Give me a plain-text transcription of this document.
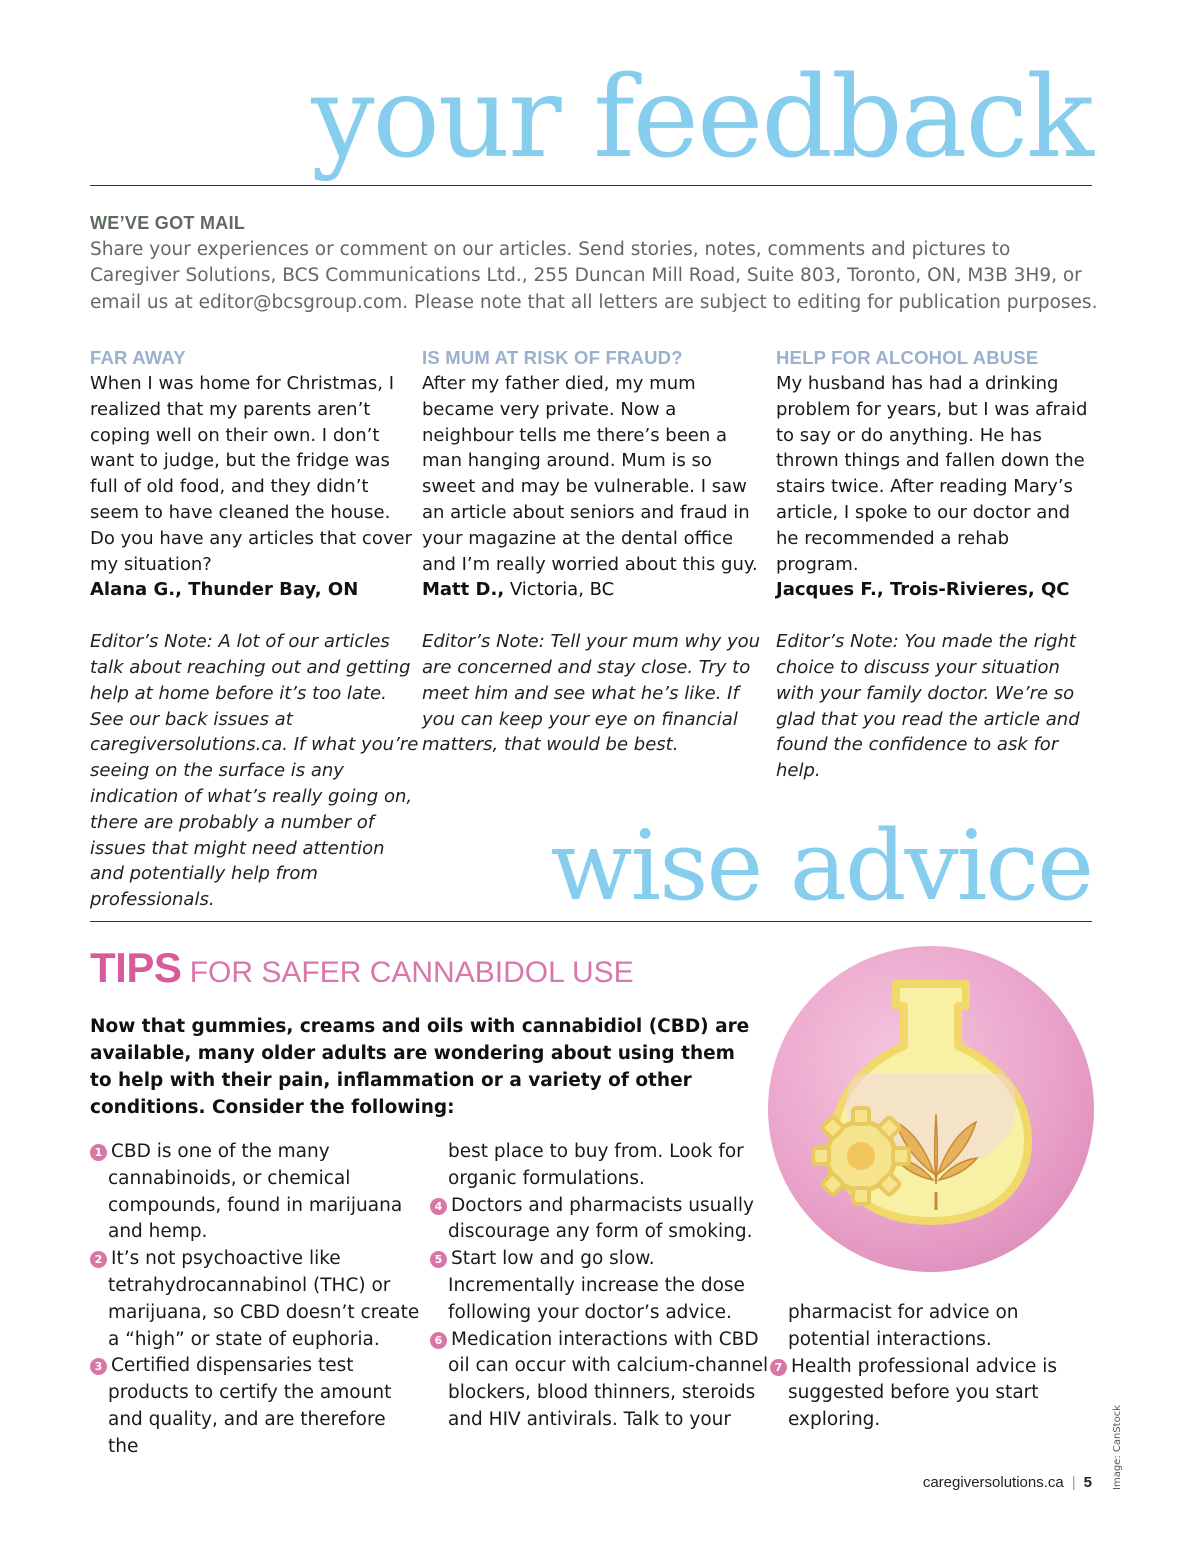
your feedback
WE’VE GOT MAIL
Share your experiences or comment on our articles. Send stories, notes, comments and pictures to Caregiver Solutions, BCS Communications Ltd., 255 Duncan Mill Road, Suite 803, Toronto, ON, M3B 3H9, or email us at editor@bcsgroup.com. Please note that all letters are subject to editing for publication purposes.
FAR AWAY
When I was home for Christmas, I realized that my parents aren’t coping well on their own. I don’t want to judge, but the fridge was full of old food, and they didn’t seem to have cleaned the house. Do you have any articles that cover my situation?
Alana G., Thunder Bay, ON
Editor’s Note: A lot of our articles talk about reaching out and getting help at home before it’s too late. See our back issues at caregiversolutions.ca. If what you’re seeing on the surface is any indication of what’s really going on, there are probably a number of issues that might need attention and potentially help from professionals.
IS MUM AT RISK OF FRAUD?
After my father died, my mum became very private. Now a neighbour tells me there’s been a man hanging around. Mum is so sweet and may be vulnerable. I saw an article about seniors and fraud in your magazine at the dental office and I’m really worried about this guy.
Matt D., Victoria, BC
Editor’s Note: Tell your mum why you are concerned and stay close. Try to meet him and see what he’s like. If you can keep your eye on financial matters, that would be best.
HELP FOR ALCOHOL ABUSE
My husband has had a drinking problem for years, but I was afraid to say or do anything. He has thrown things and fallen down the stairs twice. After reading Mary’s article, I spoke to our doctor and he recommended a rehab program.
Jacques F., Trois-Rivieres, QC
Editor’s Note: You made the right choice to discuss your situation with your family doctor. We’re so glad that you read the article and found the confidence to ask for help.
wise advice
TIPS FOR SAFER CANNABIDOL USE
Now that gummies, creams and oils with cannabidiol (CBD) are available, many older adults are wondering about using them to help with their pain, inflammation or a variety of other conditions. Consider the following:
1 CBD is one of the many cannabinoids, or chemical compounds, found in marijuana and hemp.
2 It’s not psychoactive like tetrahydrocannabinol (THC) or marijuana, so CBD doesn’t create a “high” or state of euphoria.
3 Certified dispensaries test products to certify the amount and quality, and are therefore the
best place to buy from. Look for organic formulations.
4 Doctors and pharmacists usually discourage any form of smoking.
5 Start low and go slow. Incrementally increase the dose following your doctor’s advice.
6 Medication interactions with CBD oil can occur with calcium-channel blockers, blood thinners, steroids and HIV antivirals. Talk to your
pharmacist for advice on potential interactions.
7 Health professional advice is suggested before you start exploring.	Image: CanStock
caregiversolutions.ca | 5
